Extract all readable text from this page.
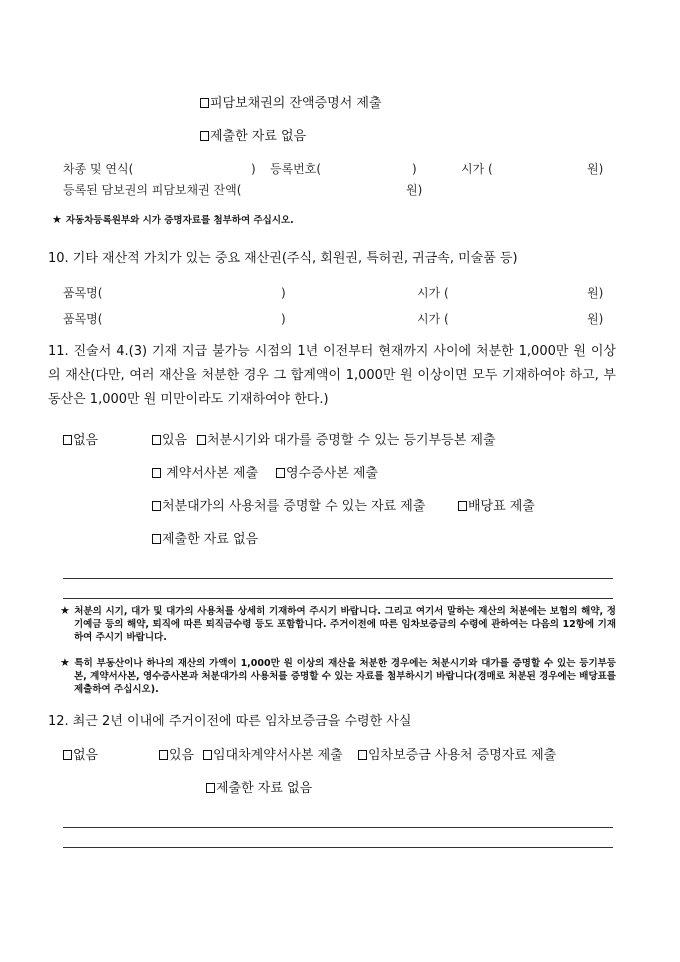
피담보채권의 잔액증명서 제출
제출한 자료 없음
차종 및 연식(	) 등록번호(	)	시가 (	원)
등록된 담보권의 피담보채권 잔액(	원)
★ 자동차등록원부와 시가 증명자료를 첨부하여 주십시오.
10. 기타 재산적 가치가 있는 중요 재산권(주식, 회원권, 특허권, 귀금속, 미술품 등)
품목명(	)	시가 (	원)
품목명(	)	시가 (	원)
11. 진술서 4.(3) 기재 지급 불가능 시점의 1년 이전부터 현재까지 사이에 처분한 1,000만 원 이상의 재산(다만, 여러 재산을 처분한 경우 그 합계액이 1,000만 원 이상이면 모두 기재하여야 하고, 부동산은 1,000만 원 미만이라도 기재하여야 한다.)
없음	있음	처분시기와 대가를 증명할 수 있는 등기부등본 제출
계약서사본 제출	영수증사본 제출
처분대가의 사용처를 증명할 수 있는 자료 제출	배당표 제출
제출한 자료 없음
★ 처분의 시기, 대가 및 대가의 사용처를 상세히 기재하여 주시기 바랍니다. 그리고 여기서 말하는 재산의 처분에는 보험의 해약, 정기예금 등의 해약, 퇴직에 따른 퇴직금수령 등도 포함합니다. 주거이전에 따른 임차보증금의 수령에 관하여는 다음의 12항에 기재하여 주시기 바랍니다.
★ 특히 부동산이나 하나의 재산의 가액이 1,000만 원 이상의 재산을 처분한 경우에는 처분시기와 대가를 증명할 수 있는 등기부등본, 계약서사본, 영수증사본과 처분대가의 사용처를 증명할 수 있는 자료를 첨부하시기 바랍니다(경매로 처분된 경우에는 배당표를 제출하여 주십시오).
12. 최근 2년 이내에 주거이전에 따른 임차보증금을 수령한 사실
없음	있음	임대차계약서사본 제출	임차보증금 사용처 증명자료 제출
제출한 자료 없음
